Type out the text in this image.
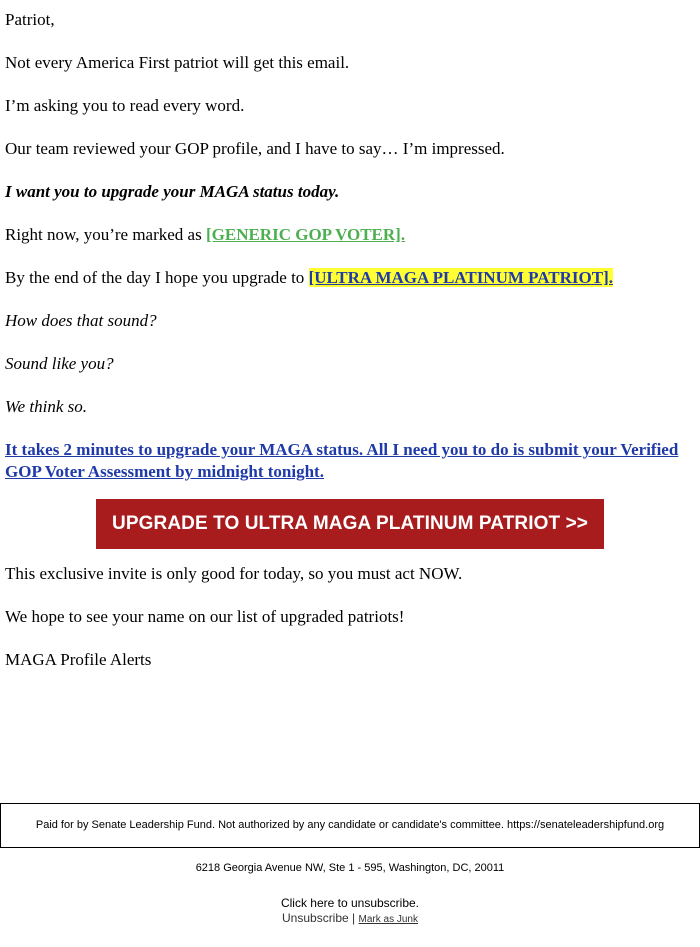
Patriot,

Not every America First patriot will get this email.

I’m asking you to read every word.

Our team reviewed your GOP profile, and I have to say… I’m impressed.

I want you to upgrade your MAGA status today.

Right now, you’re marked as [GENERIC GOP VOTER].

By the end of the day I hope you upgrade to [ULTRA MAGA PLATINUM PATRIOT].

How does that sound?

Sound like you?

We think so.

It takes 2 minutes to upgrade your MAGA status. All I need you to do is submit your Verified GOP Voter Assessment by midnight tonight.

UPGRADE TO ULTRA MAGA PLATINUM PATRIOT >>

This exclusive invite is only good for today, so you must act NOW.

We hope to see your name on our list of upgraded patriots!

MAGA Profile Alerts

Paid for by Senate Leadership Fund. Not authorized by any candidate or candidate's committee. https://senateleadershipfund.org
6218 Georgia Avenue NW, Ste 1 - 595, Washington, DC, 20011
Click here to unsubscribe.
Unsubscribe | Mark as Junk
